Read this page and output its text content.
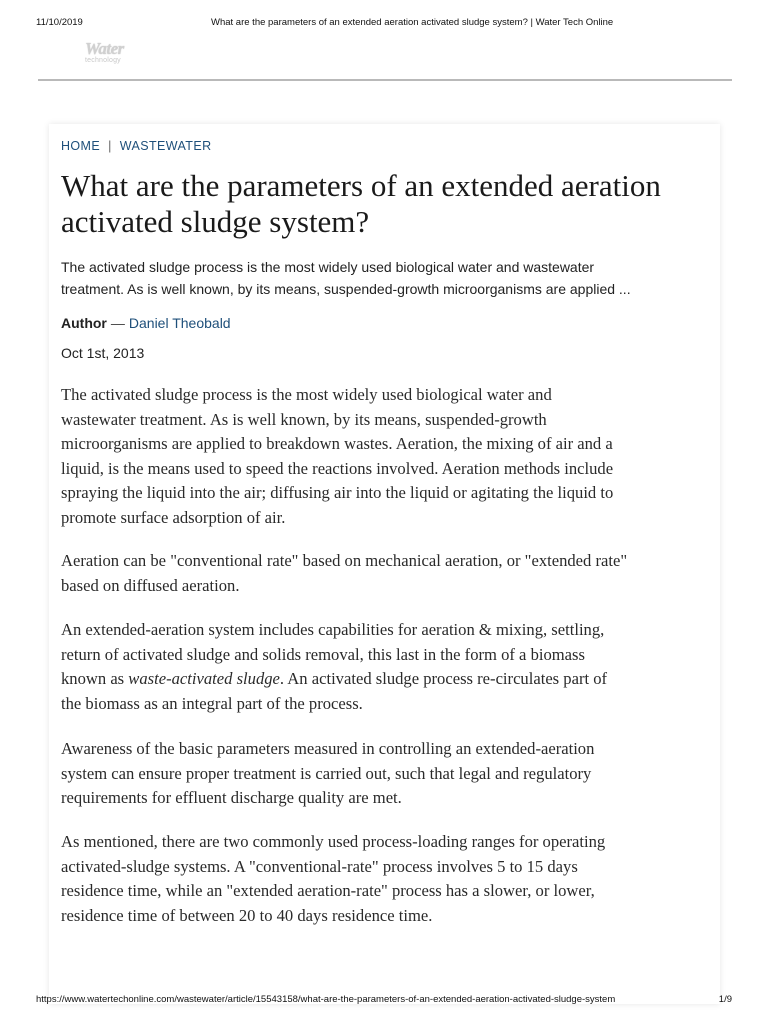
11/10/2019	What are the parameters of an extended aeration activated sludge system? | Water Tech Online
Water
technology
HOME | WASTEWATER
What are the parameters of an extended aeration activated sludge system?
The activated sludge process is the most widely used biological water and wastewater
treatment. As is well known, by its means, suspended-growth microorganisms are applied ...
Author — Daniel Theobald
Oct 1st, 2013
The activated sludge process is the most widely used biological water and
wastewater treatment. As is well known, by its means, suspended-growth
microorganisms are applied to breakdown wastes. Aeration, the mixing of air and a
liquid, is the means used to speed the reactions involved. Aeration methods include
spraying the liquid into the air; diffusing air into the liquid or agitating the liquid to
promote surface adsorption of air.
Aeration can be "conventional rate" based on mechanical aeration, or "extended rate"
based on diffused aeration.
An extended-aeration system includes capabilities for aeration & mixing, settling,
return of activated sludge and solids removal, this last in the form of a biomass
known as waste-activated sludge. An activated sludge process re-circulates part of
the biomass as an integral part of the process.
Awareness of the basic parameters measured in controlling an extended-aeration
system can ensure proper treatment is carried out, such that legal and regulatory
requirements for effluent discharge quality are met.
As mentioned, there are two commonly used process-loading ranges for operating
activated-sludge systems. A "conventional-rate" process involves 5 to 15 days
residence time, while an "extended aeration-rate" process has a slower, or lower,
residence time of between 20 to 40 days residence time.
https://www.watertechonline.com/wastewater/article/15543158/what-are-the-parameters-of-an-extended-aeration-activated-sludge-system	1/9
